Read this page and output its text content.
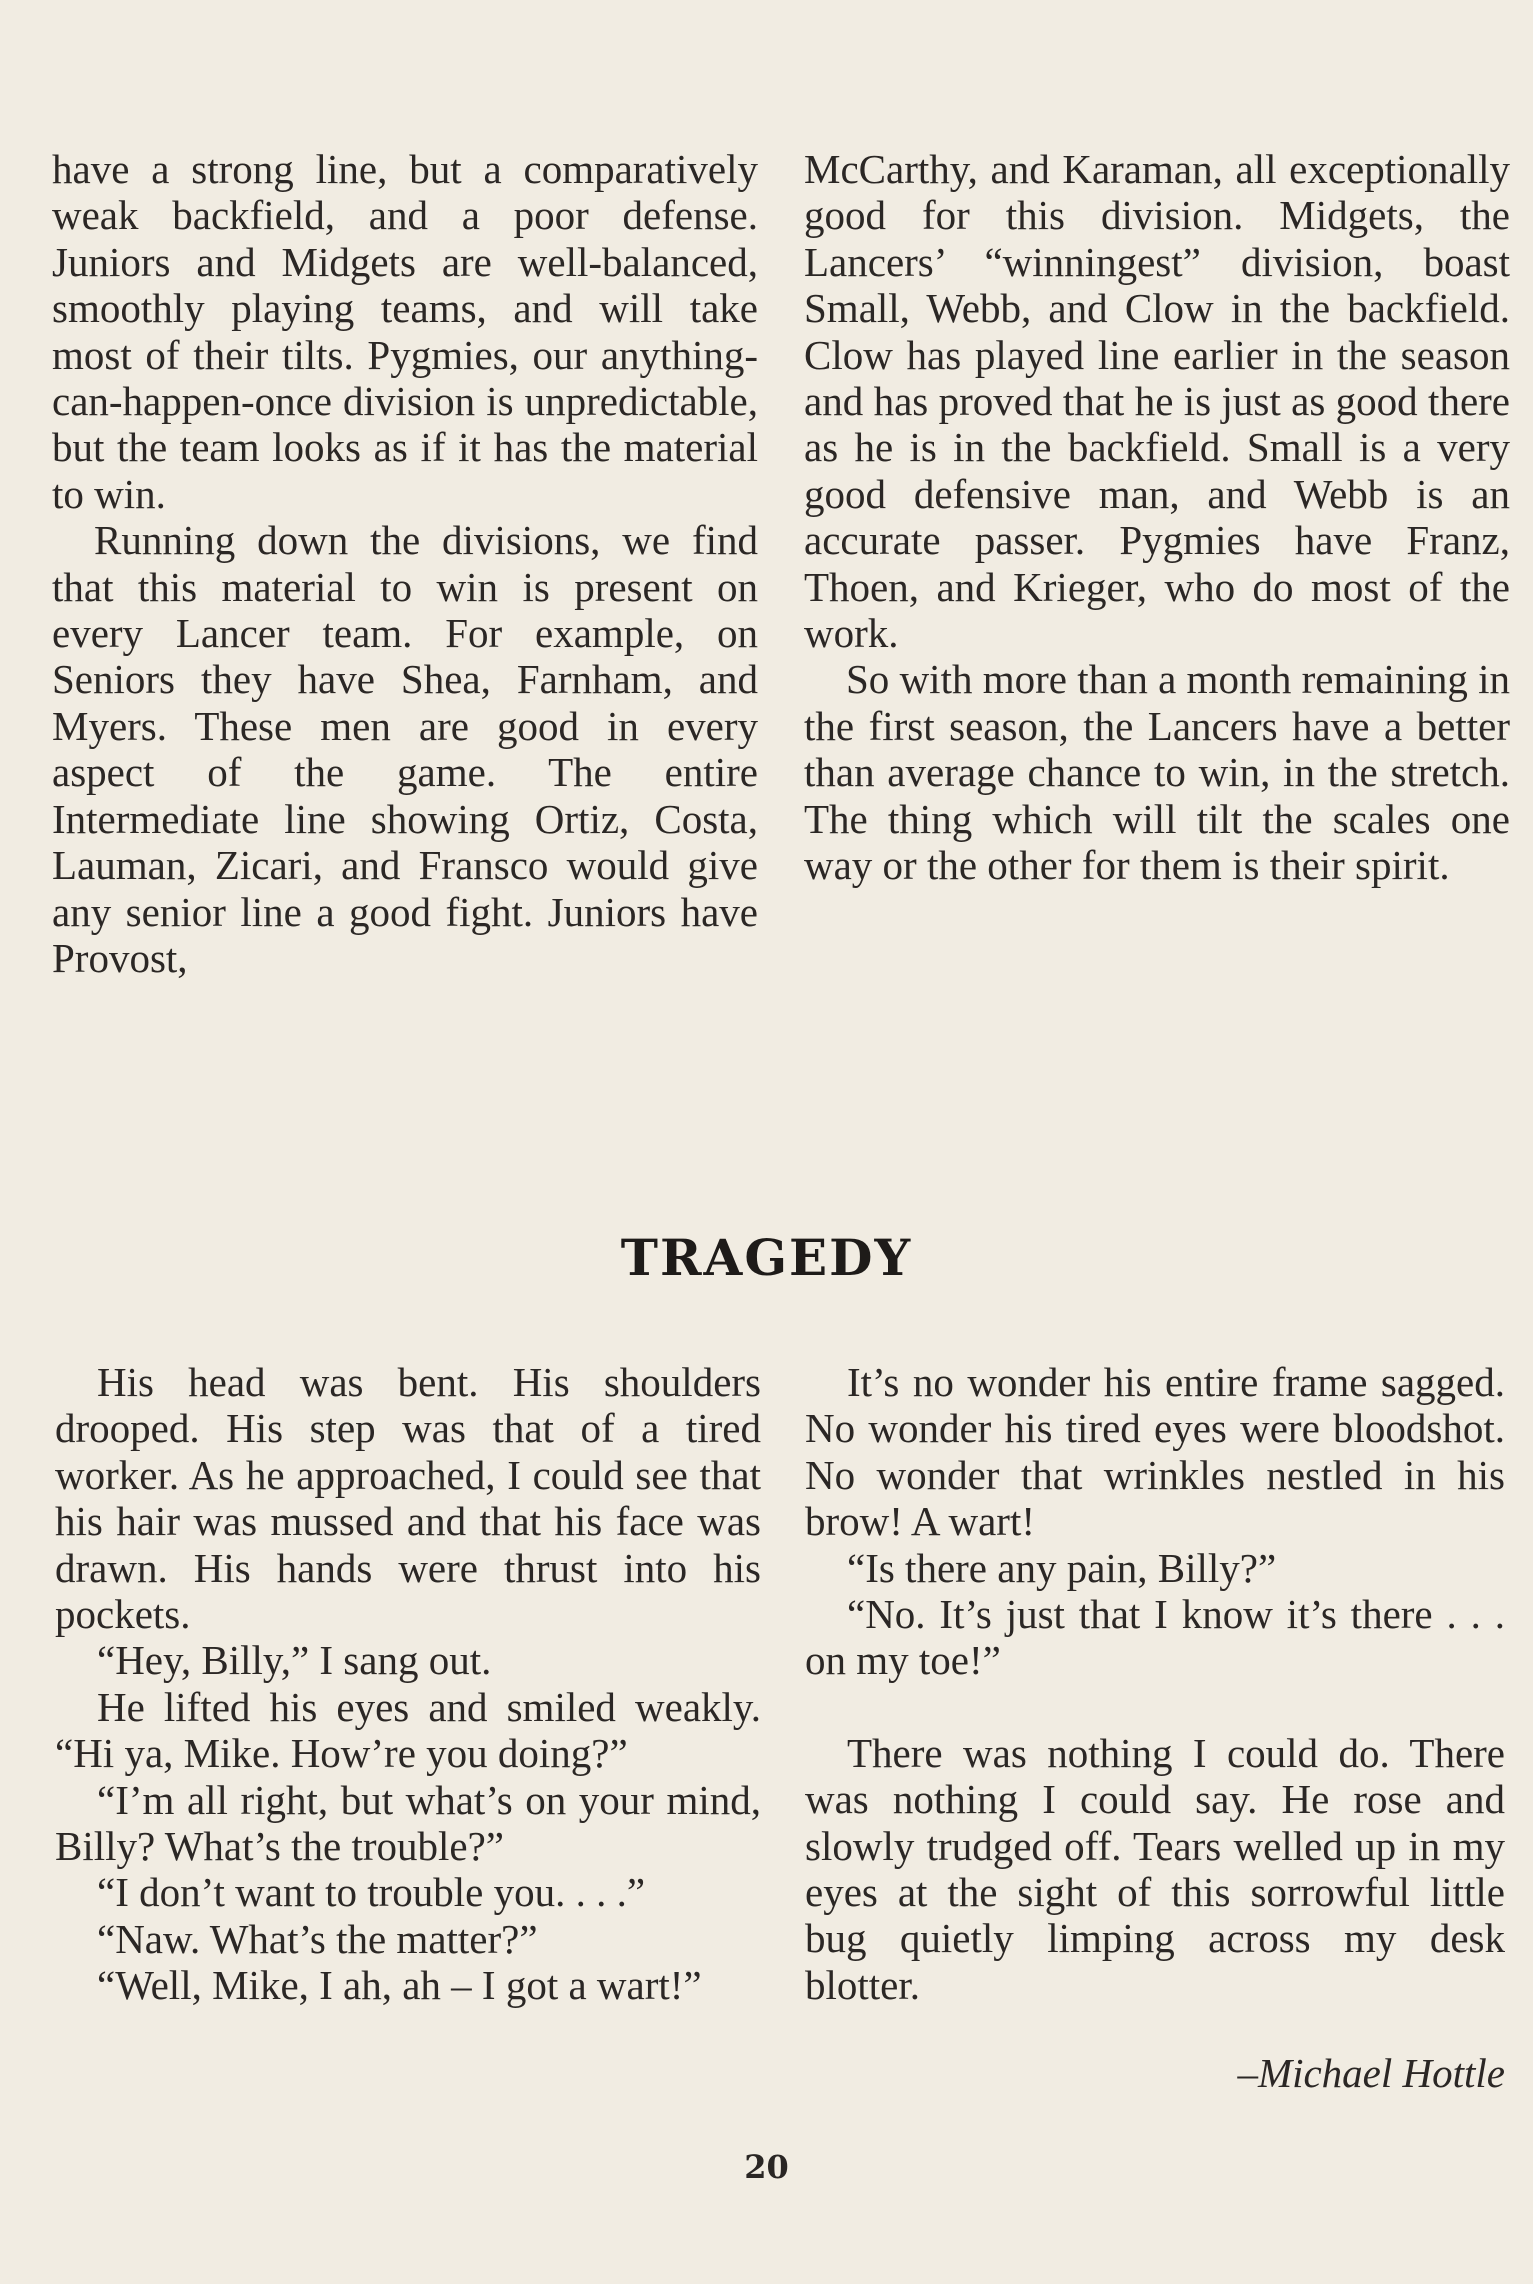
have a strong line, but a comparatively weak backfield, and a poor defense. Juniors and Midgets are well-balanced, smoothly playing teams, and will take most of their tilts. Pygmies, our anything-can-happen-once division is unpredictable, but the team looks as if it has the material to win.

Running down the divisions, we find that this material to win is present on every Lancer team. For example, on Seniors they have Shea, Farnham, and Myers. These men are good in every aspect of the game. The entire Intermediate line showing Ortiz, Costa, Lauman, Zicari, and Fransco would give any senior line a good fight. Juniors have Provost,

McCarthy, and Karaman, all exceptionally good for this division. Midgets, the Lancers’ “winningest” division, boast Small, Webb, and Clow in the backfield. Clow has played line earlier in the season and has proved that he is just as good there as he is in the backfield. Small is a very good defensive man, and Webb is an accurate passer. Pygmies have Franz, Thoen, and Krieger, who do most of the work.

So with more than a month remaining in the first season, the Lancers have a better than average chance to win, in the stretch. The thing which will tilt the scales one way or the other for them is their spirit.

TRAGEDY

His head was bent. His shoulders drooped. His step was that of a tired worker. As he approached, I could see that his hair was mussed and that his face was drawn. His hands were thrust into his pockets.

“Hey, Billy,” I sang out.

He lifted his eyes and smiled weakly. “Hi ya, Mike. How’re you doing?”

“I’m all right, but what’s on your mind, Billy? What’s the trouble?”

“I don’t want to trouble you. . . .”

“Naw. What’s the matter?”

“Well, Mike, I ah, ah – I got a wart!”

It’s no wonder his entire frame sagged. No wonder his tired eyes were bloodshot. No wonder that wrinkles nestled in his brow! A wart!

“Is there any pain, Billy?”

“No. It’s just that I know it’s there . . . on my toe!”

There was nothing I could do. There was nothing I could say. He rose and slowly trudged off. Tears welled up in my eyes at the sight of this sorrowful little bug quietly limping across my desk blotter.

–Michael Hottle

20
